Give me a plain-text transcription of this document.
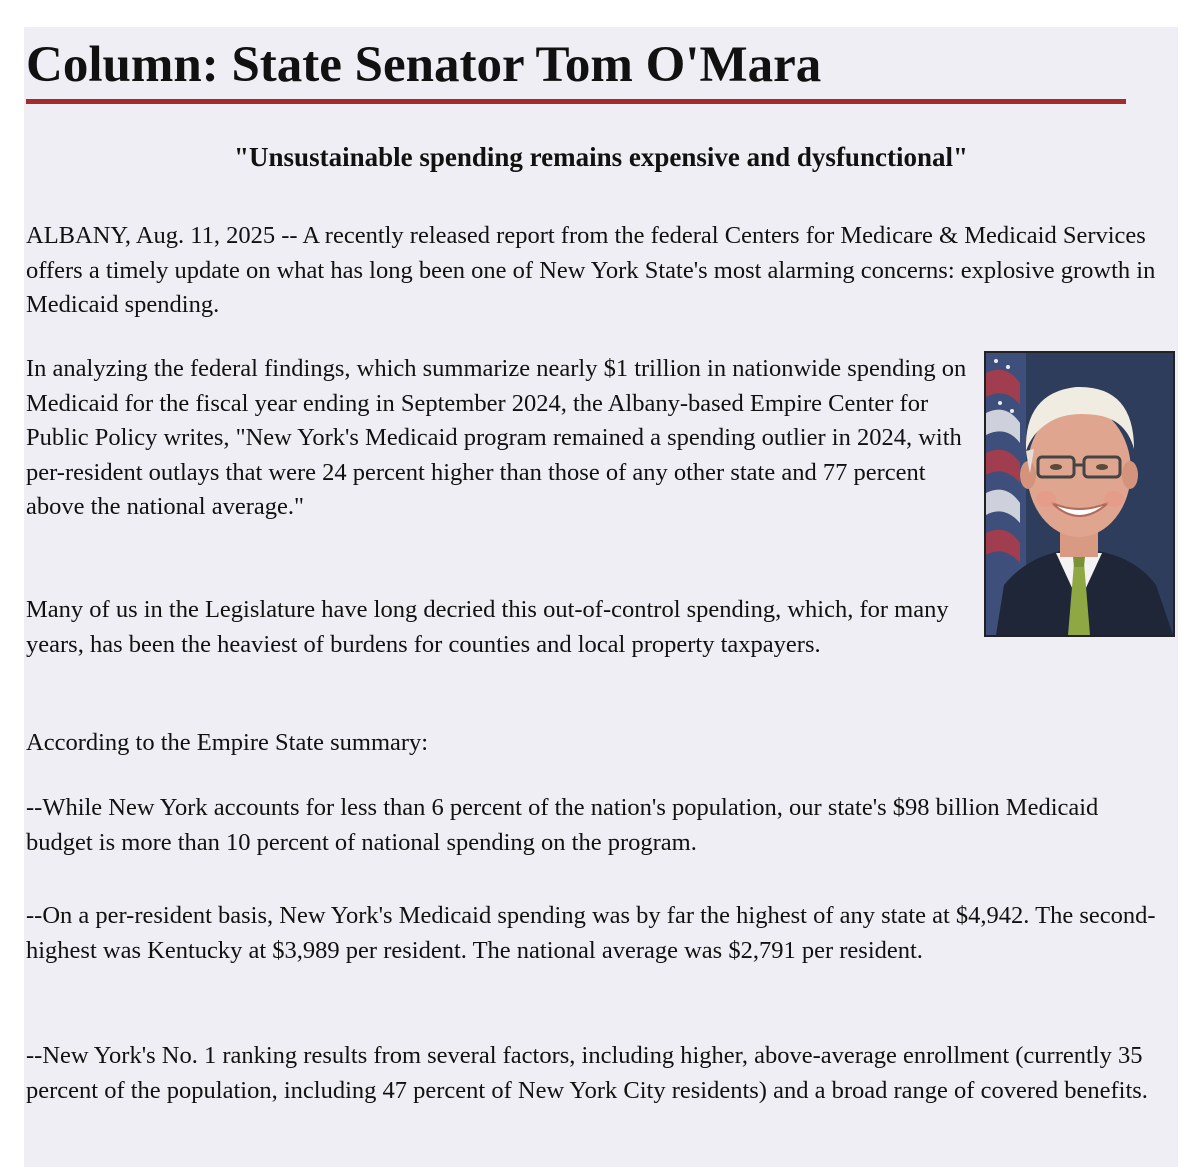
Column: State Senator Tom O'Mara
"Unsustainable spending remains expensive and dysfunctional"

ALBANY, Aug. 11, 2025 -- A recently released report from the federal Centers for Medicare & Medicaid Services offers a timely update on what has long been one of New York State's most alarming concerns: explosive growth in Medicaid spending.

In analyzing the federal findings, which summarize nearly $1 trillion in nationwide spending on Medicaid for the fiscal year ending in September 2024, the Albany-based Empire Center for Public Policy writes, "New York's Medicaid program remained a spending outlier in 2024, with per-resident outlays that were 24 percent higher than those of any other state and 77 percent above the national average."

Many of us in the Legislature have long decried this out-of-control spending, which, for many years, has been the heaviest of burdens for counties and local property taxpayers.

According to the Empire State summary:

--While New York accounts for less than 6 percent of the nation's population, our state's $98 billion Medicaid budget is more than 10 percent of national spending on the program.

--On a per-resident basis, New York's Medicaid spending was by far the highest of any state at $4,942. The second-highest was Kentucky at $3,989 per resident. The national average was $2,791 per resident.

--New York's No. 1 ranking results from several factors, including higher, above-average enrollment (currently 35 percent of the population, including 47 percent of New York City residents) and a broad range of covered benefits.
